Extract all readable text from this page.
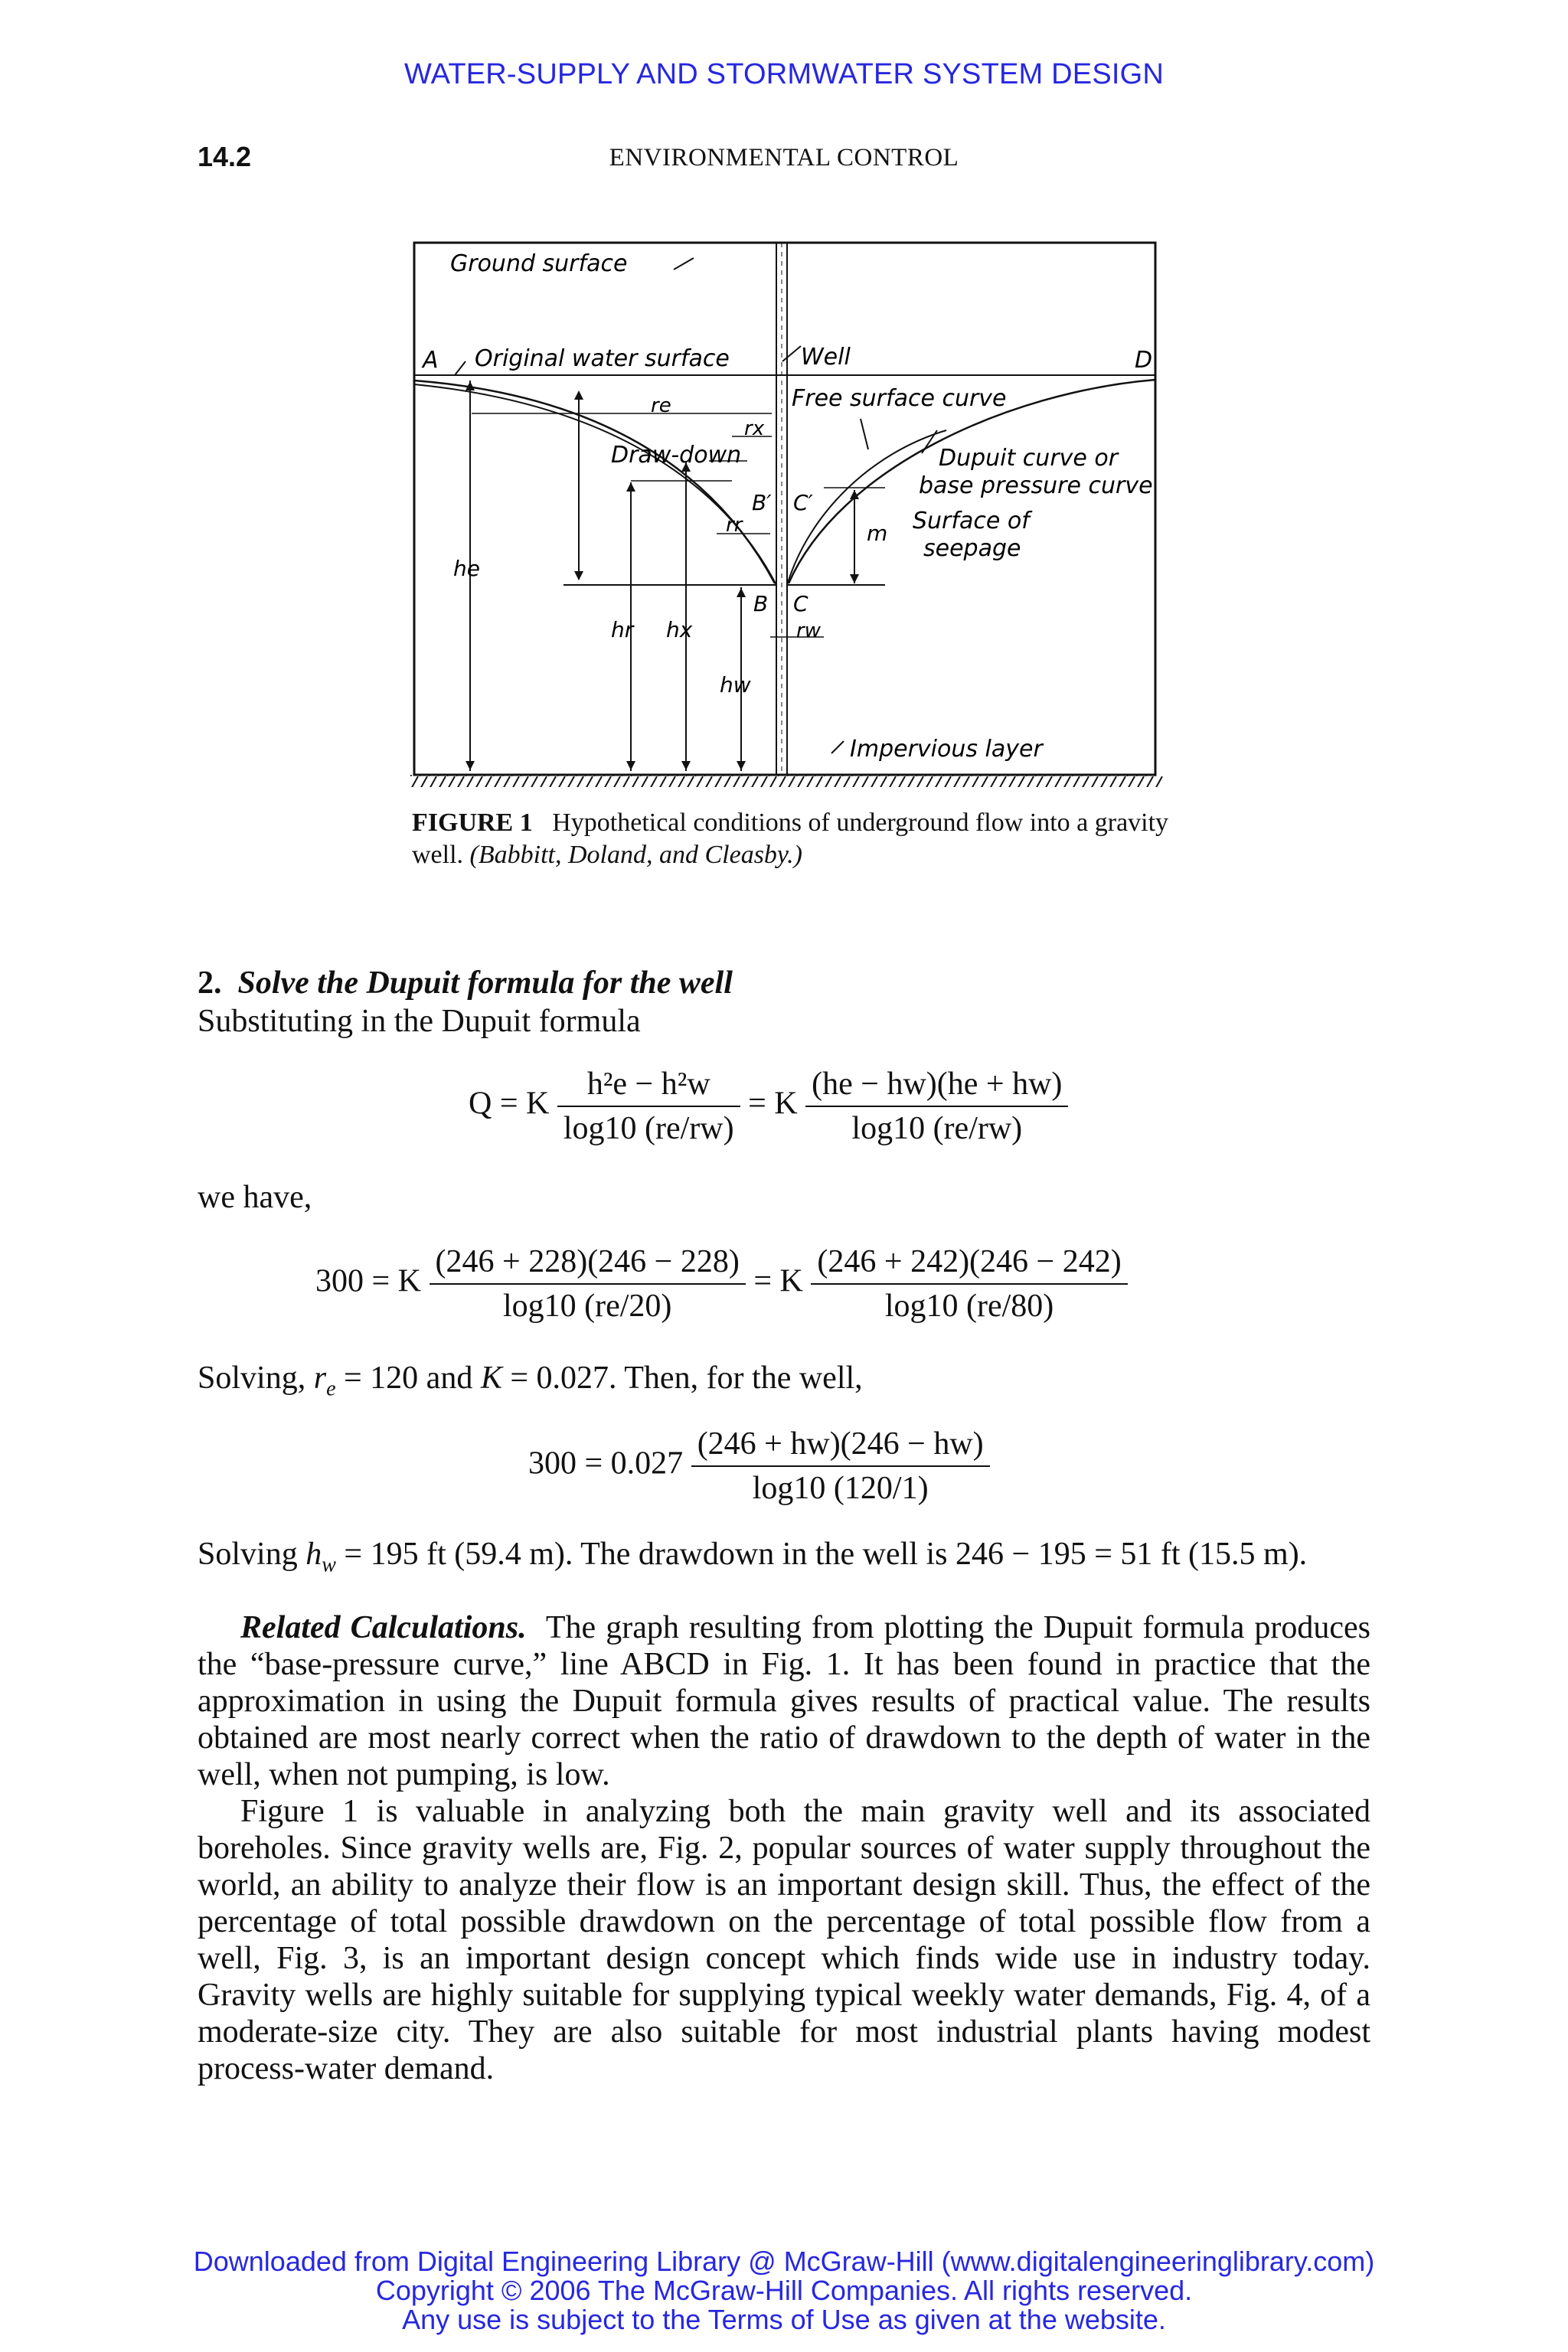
WATER-SUPPLY AND STORMWATER SYSTEM DESIGN
14.2	ENVIRONMENTAL CONTROL
Ground surface
Original water surface
A	D
Well
Free surface curve
Draw-down	Dupuit curve or
base pressure curve
Surface of
seepage
Impervious layer
B′ C′
B C
m
re
rx
rr
rw
he
hr hx
hw
FIGURE 1 Hypothetical conditions of underground flow into a gravity well. (Babbitt, Doland, and Cleasby.)
2. Solve the Dupuit formula for the well
Substituting in the Dupuit formula
Q = K $\frac{\text{h²e − h²w}}{\log 10 (re/rw)} = K \frac{(he - hw)(he + hw)}{\log 10 (re/rw)}$
we have,
300 = K $\frac{(246 + 228)(246 - 228)}{\log 10 (re/20)} = K \frac{(246 + 242)(246 - 242)}{\log 10 (re/80)}$
Solving, $r_e = 120$ and K = 0.027. Then, for the well,
$300 = 0.027 \frac{(246 + hw)(246 - hw)}{\log 10 (120/1)}$
Solving $h_w = 195$ ft (59.4 m). The drawdown in the well is 246 − 195 = 51 ft (15.5 m).
Related Calculations. The graph resulting from plotting the Dupuit formula produces the “base-pressure curve,” line ABCD in Fig. 1. It has been found in practice that the approximation in using the Dupuit formula gives results of practical value. The results obtained are most nearly correct when the ratio of drawdown to the depth of water in the well, when not pumping, is low.
Figure 1 is valuable in analyzing both the main gravity well and its associated boreholes. Since gravity wells are, Fig. 2, popular sources of water supply throughout the world, an ability to analyze their flow is an important design skill. Thus, the effect of the percentage of total possible drawdown on the percentage of total possible flow from a well, Fig. 3, is an important design concept which finds wide use in industry today. Gravity wells are highly suitable for supplying typical weekly water demands, Fig. 4, of a moderate-size city. They are also suitable for most industrial plants having modest process-water demand.
Downloaded from Digital Engineering Library @ McGraw-Hill (www.digitalengineeringlibrary.com)
Copyright © 2006 The McGraw-Hill Companies. All rights reserved.
Any use is subject to the Terms of Use as given at the website.
